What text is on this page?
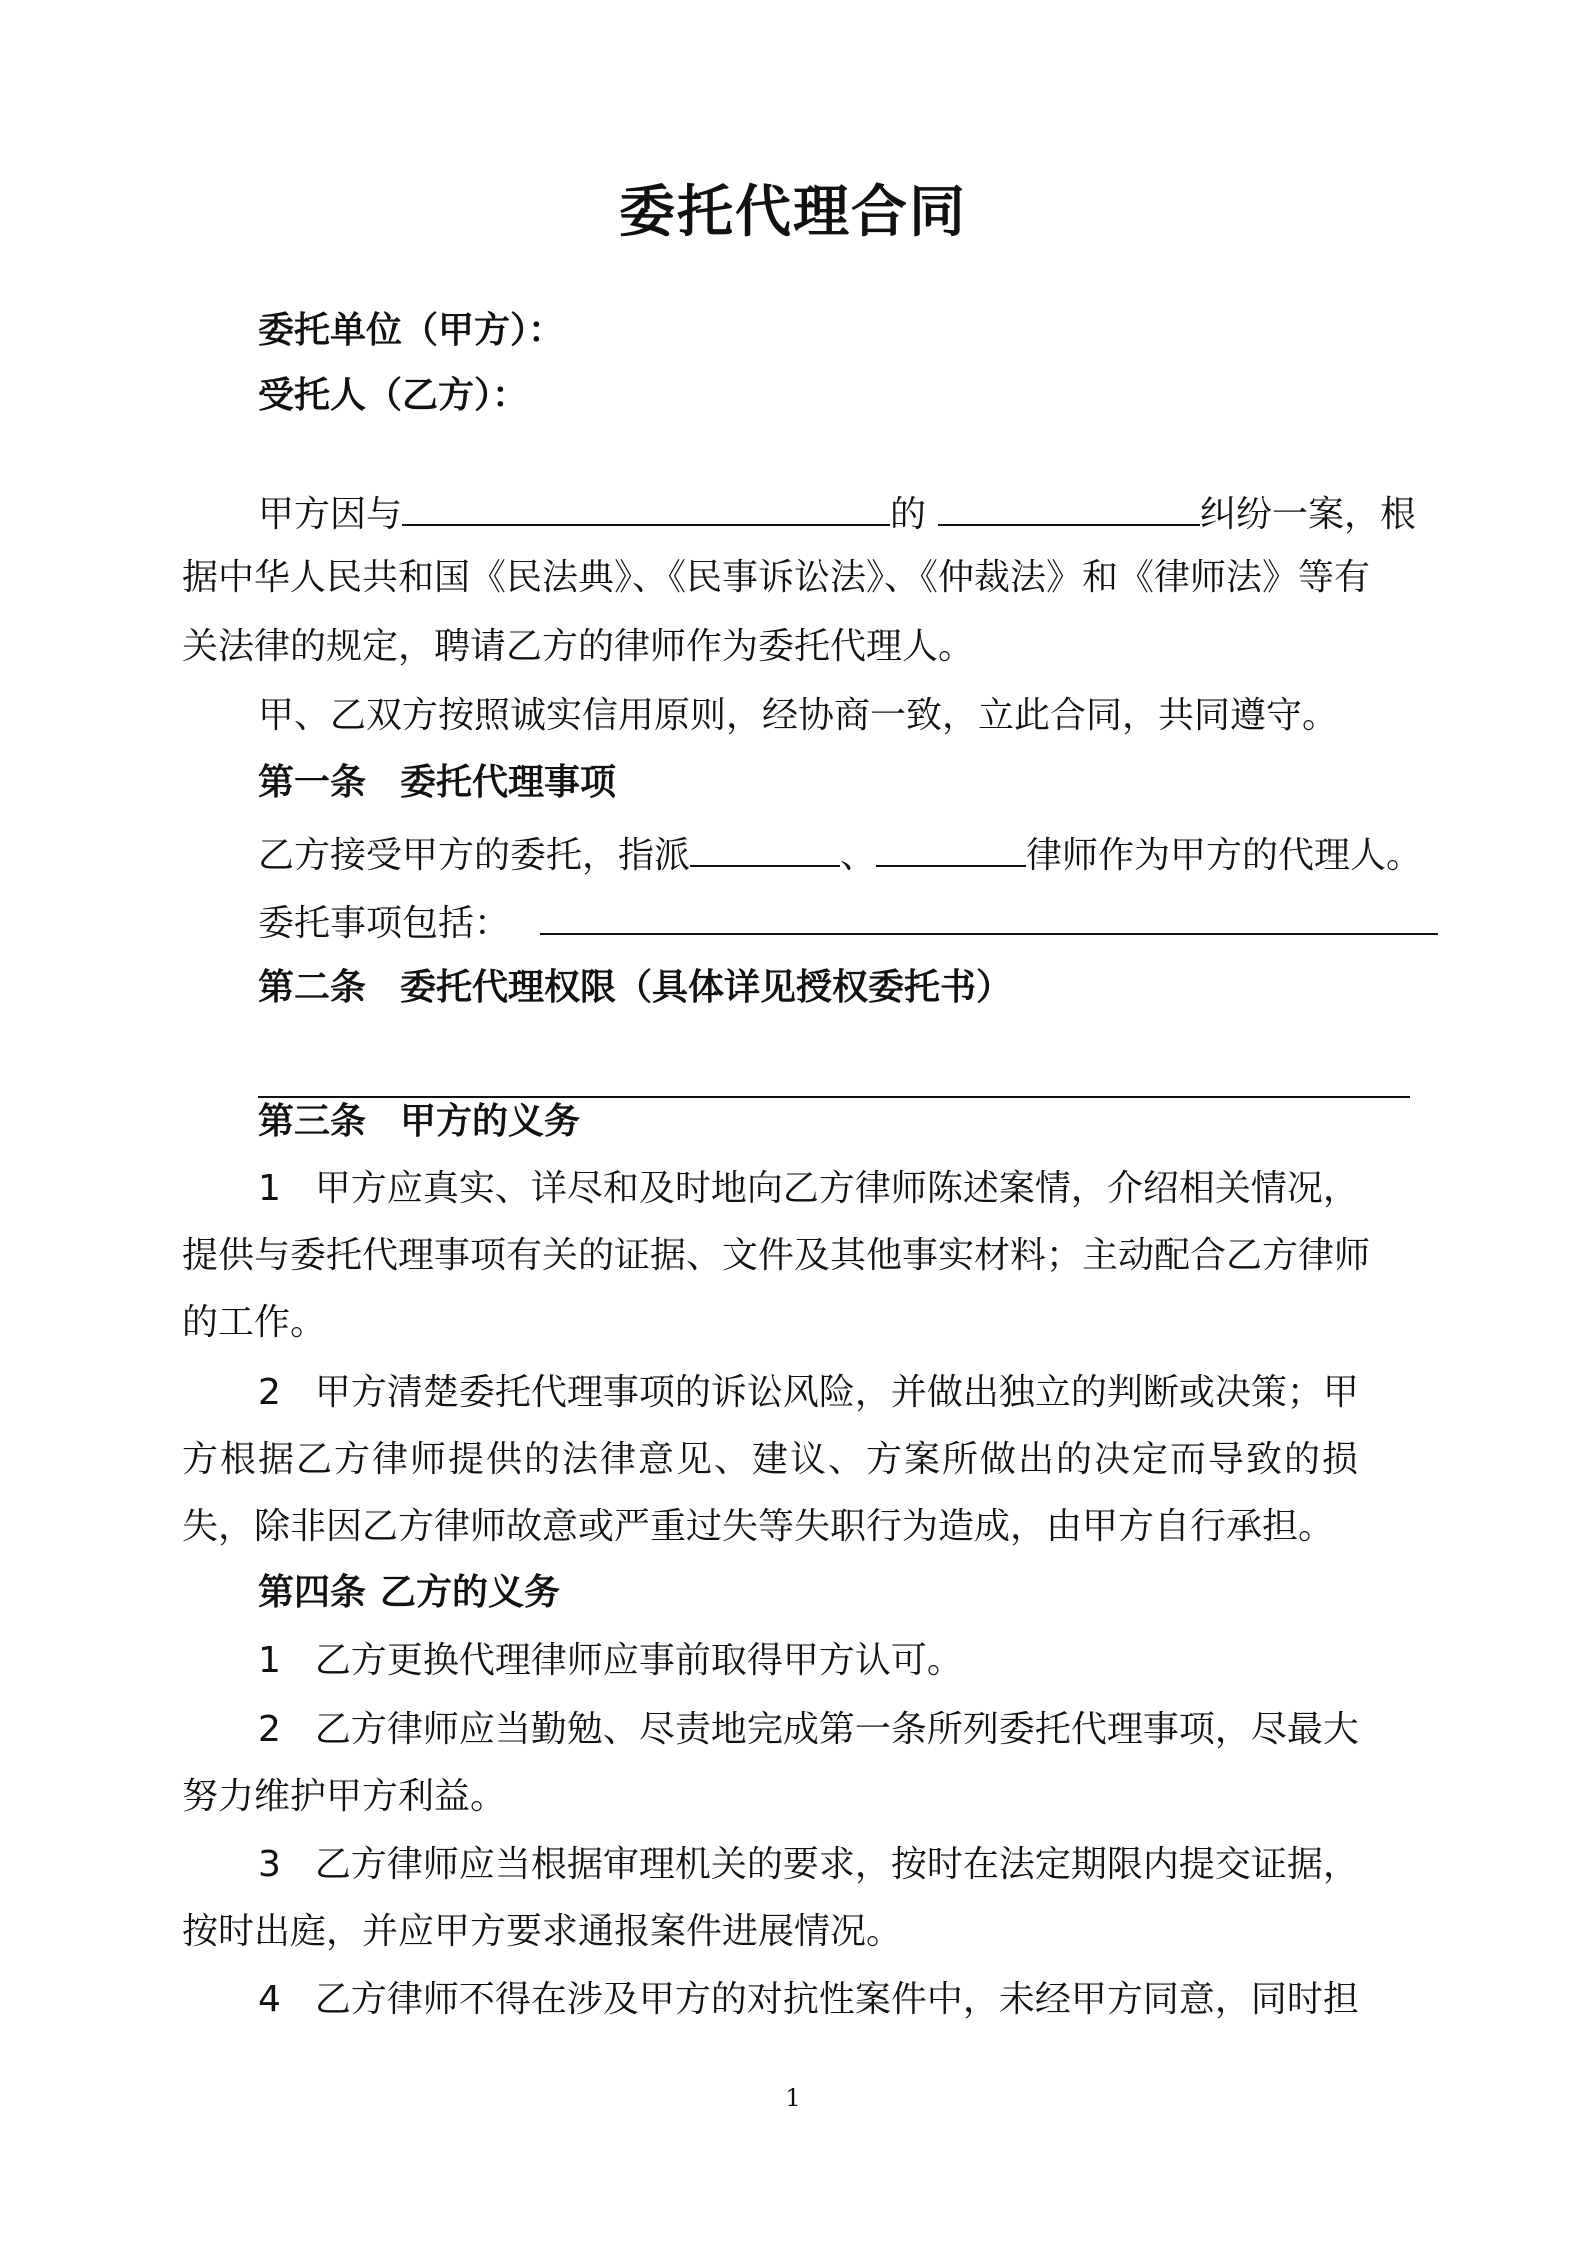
委托代理合同
委托单位（甲方）：
受托人（乙方）：
甲方因与	的	纠纷一案，根
据中华人民共和国《民法典》、《民事诉讼法》、《仲裁法》和《律师法》等有
关法律的规定，聘请乙方的律师作为委托代理人。
甲、乙双方按照诚实信用原则，经协商一致，立此合同，共同遵守。
第一条 委托代理事项
乙方接受甲方的委托，指派	、	律师作为甲方的代理人。
委托事项包括：
第二条 委托代理权限（具体详见授权委托书）
第三条 甲方的义务
1 甲方应真实、详尽和及时地向乙方律师陈述案情，介绍相关情况，
提供与委托代理事项有关的证据、文件及其他事实材料；主动配合乙方律师
的工作。
2 甲方清楚委托代理事项的诉讼风险，并做出独立的判断或决策；甲
方根据乙方律师提供的法律意见、建议、方案所做出的决定而导致的损
失，除非因乙方律师故意或严重过失等失职行为造成，由甲方自行承担。
第四条 乙方的义务
1 乙方更换代理律师应事前取得甲方认可。
2 乙方律师应当勤勉、尽责地完成第一条所列委托代理事项，尽最大
努力维护甲方利益。
3 乙方律师应当根据审理机关的要求，按时在法定期限内提交证据，
按时出庭，并应甲方要求通报案件进展情况。
4 乙方律师不得在涉及甲方的对抗性案件中，未经甲方同意，同时担
1
